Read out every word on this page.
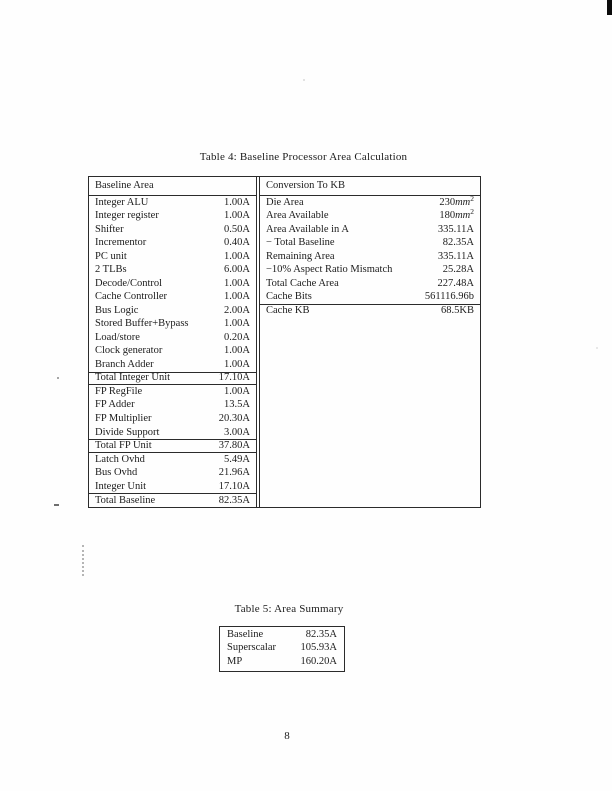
Table 4: Baseline Processor Area Calculation
Baseline Area
Integer ALU	1.00A
Integer register	1.00A
Shifter	0.50A
Incrementor	0.40A
PC unit	1.00A
2 TLBs	6.00A
Decode/Control	1.00A
Cache Controller	1.00A
Bus Logic	2.00A
Stored Buffer+Bypass	1.00A
Load/store	0.20A
Clock generator	1.00A
Branch Adder	1.00A
Total Integer Unit	17.10A
FP RegFile	1.00A
FP Adder	13.5A
FP Multiplier	20.30A
Divide Support	3.00A
Total FP Unit	37.80A
Latch Ovhd	5.49A
Bus Ovhd	21.96A
Integer Unit	17.10A
Total Baseline	82.35A
Conversion To KB
Die Area	$230mm^2$
Area Available	$180mm^2$
Area Available in A	335.11A
− Total Baseline	82.35A
Remaining Area	335.11A
−10% Aspect Ratio Mismatch	25.28A
Total Cache Area	227.48A
Cache Bits	561116.96b
Cache KB	68.5KB
Table 5: Area Summary
Baseline	82.35A
Superscalar 105.93A
MP	160.20A
8
